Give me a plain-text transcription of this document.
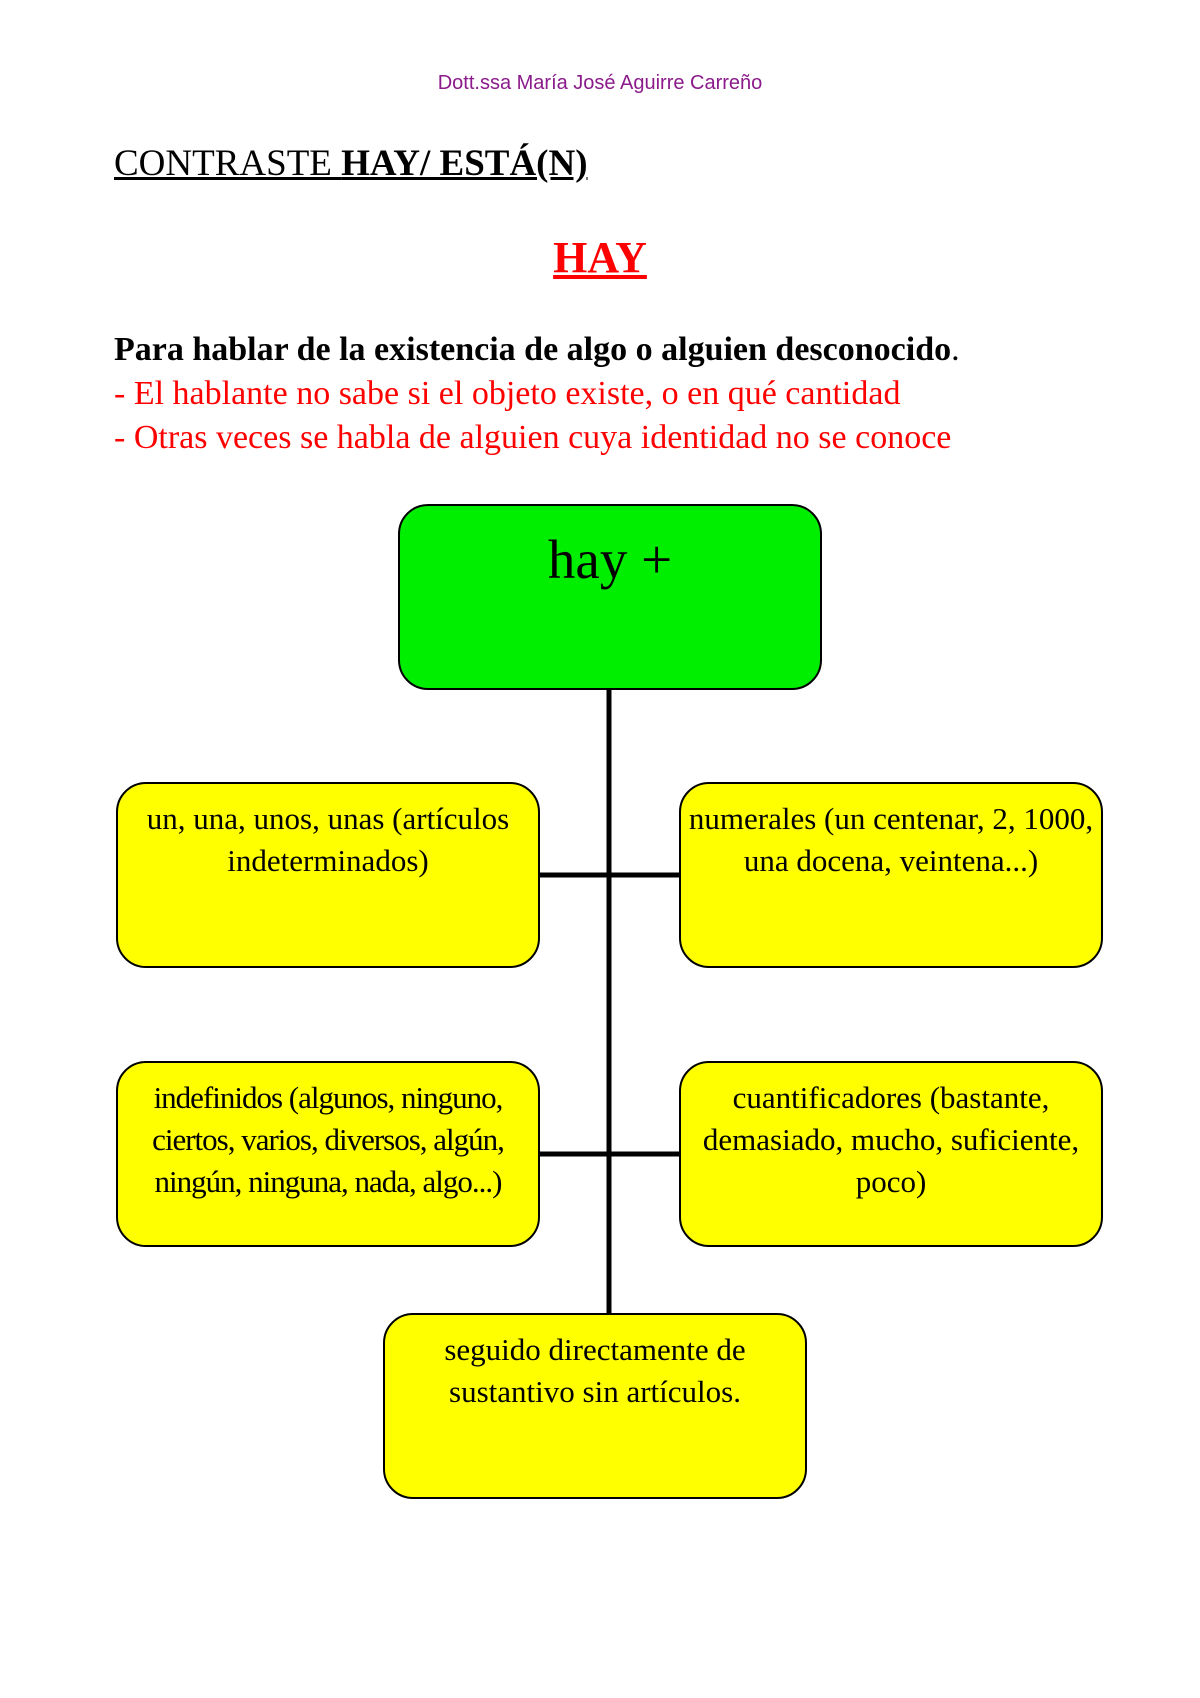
Dott.ssa María José Aguirre Carreño
CONTRASTE HAY/ ESTÁ(N)
HAY
Para hablar de la existencia de algo o alguien desconocido.
- El hablante no sabe si el objeto existe, o en qué cantidad
- Otras veces se habla de alguien cuya identidad no se conoce
hay +
un, una, unos, unas (artículos indeterminados)
numerales (un centenar, 2, 1000, una docena, veintena...)
indefinidos (algunos, ninguno, ciertos, varios, diversos, algún, ningún, ninguna, nada, algo...)
cuantificadores (bastante, demasiado, mucho, suficiente, poco)
seguido directamente de sustantivo sin artículos.
